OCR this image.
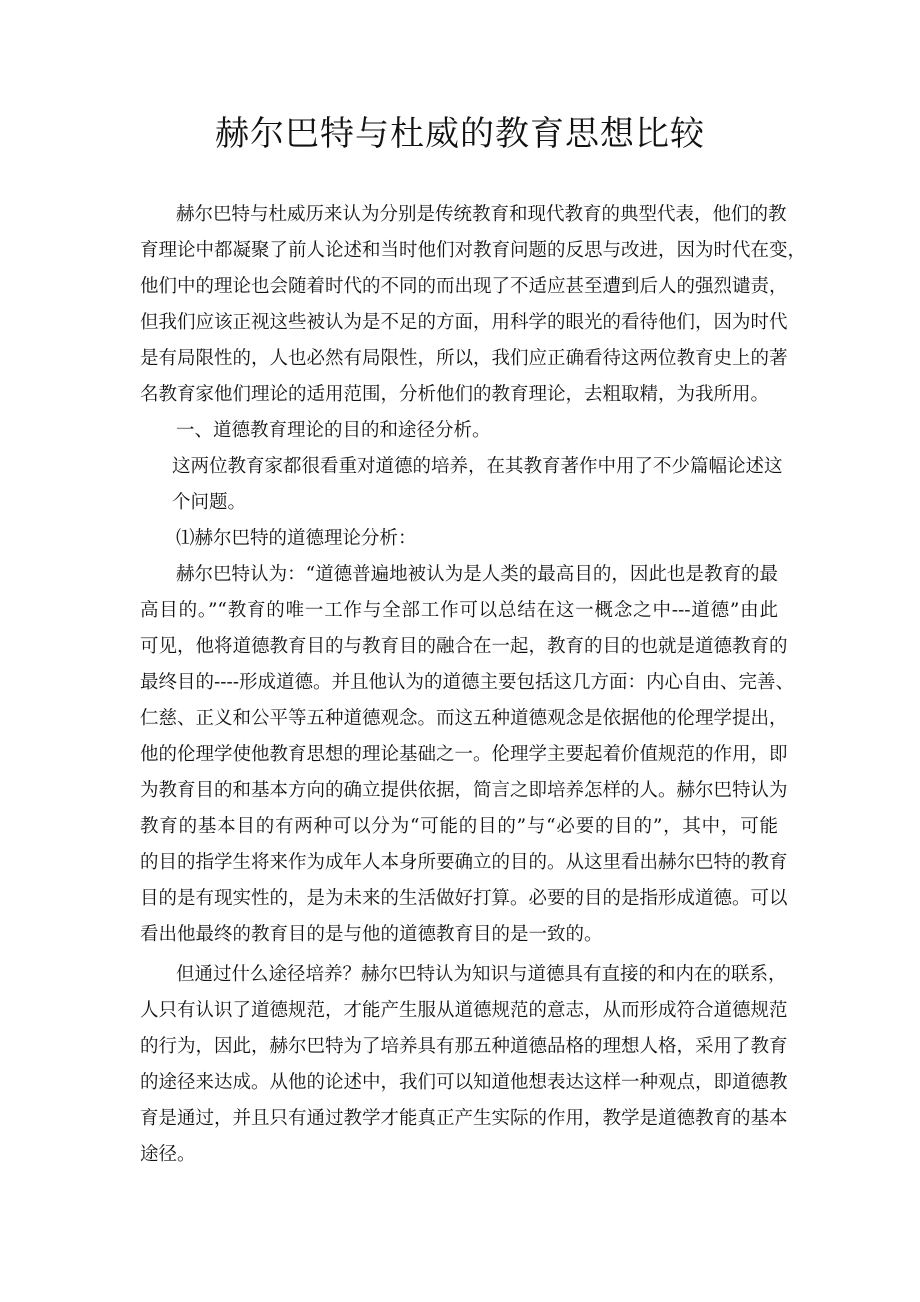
赫尔巴特与杜威的教育思想比较

赫尔巴特与杜威历来认为分别是传统教育和现代教育的典型代表，他们的教

育理论中都凝聚了前人论述和当时他们对教育问题的反思与改进，因为时代在变，

他们中的理论也会随着时代的不同的而出现了不适应甚至遭到后人的强烈谴责，

但我们应该正视这些被认为是不足的方面，用科学的眼光的看待他们，因为时代

是有局限性的，人也必然有局限性，所以，我们应正确看待这两位教育史上的著

名教育家他们理论的适用范围，分析他们的教育理论，去粗取精，为我所用。

一、道德教育理论的目的和途径分析。

这两位教育家都很看重对道德的培养，在其教育著作中用了不少篇幅论述这

个问题。

⑴赫尔巴特的道德理论分析：

赫尔巴特认为：“道德普遍地被认为是人类的最高目的，因此也是教育的最

高目的。”“教育的唯一工作与全部工作可以总结在这一概念之中---道德”由此

可见，他将道德教育目的与教育目的融合在一起，教育的目的也就是道德教育的

最终目的----形成道德。并且他认为的道德主要包括这几方面：内心自由、完善、

仁慈、正义和公平等五种道德观念。而这五种道德观念是依据他的伦理学提出，

他的伦理学使他教育思想的理论基础之一。伦理学主要起着价值规范的作用，即

为教育目的和基本方向的确立提供依据，简言之即培养怎样的人。赫尔巴特认为

教育的基本目的有两种可以分为“可能的目的”与“必要的目的”，其中，可能

的目的指学生将来作为成年人本身所要确立的目的。从这里看出赫尔巴特的教育

目的是有现实性的，是为未来的生活做好打算。必要的目的是指形成道德。可以

看出他最终的教育目的是与他的道德教育目的是一致的。

但通过什么途径培养？赫尔巴特认为知识与道德具有直接的和内在的联系，

人只有认识了道德规范，才能产生服从道德规范的意志，从而形成符合道德规范

的行为，因此，赫尔巴特为了培养具有那五种道德品格的理想人格，采用了教育

的途径来达成。从他的论述中，我们可以知道他想表达这样一种观点，即道德教

育是通过，并且只有通过教学才能真正产生实际的作用，教学是道德教育的基本

途径。
